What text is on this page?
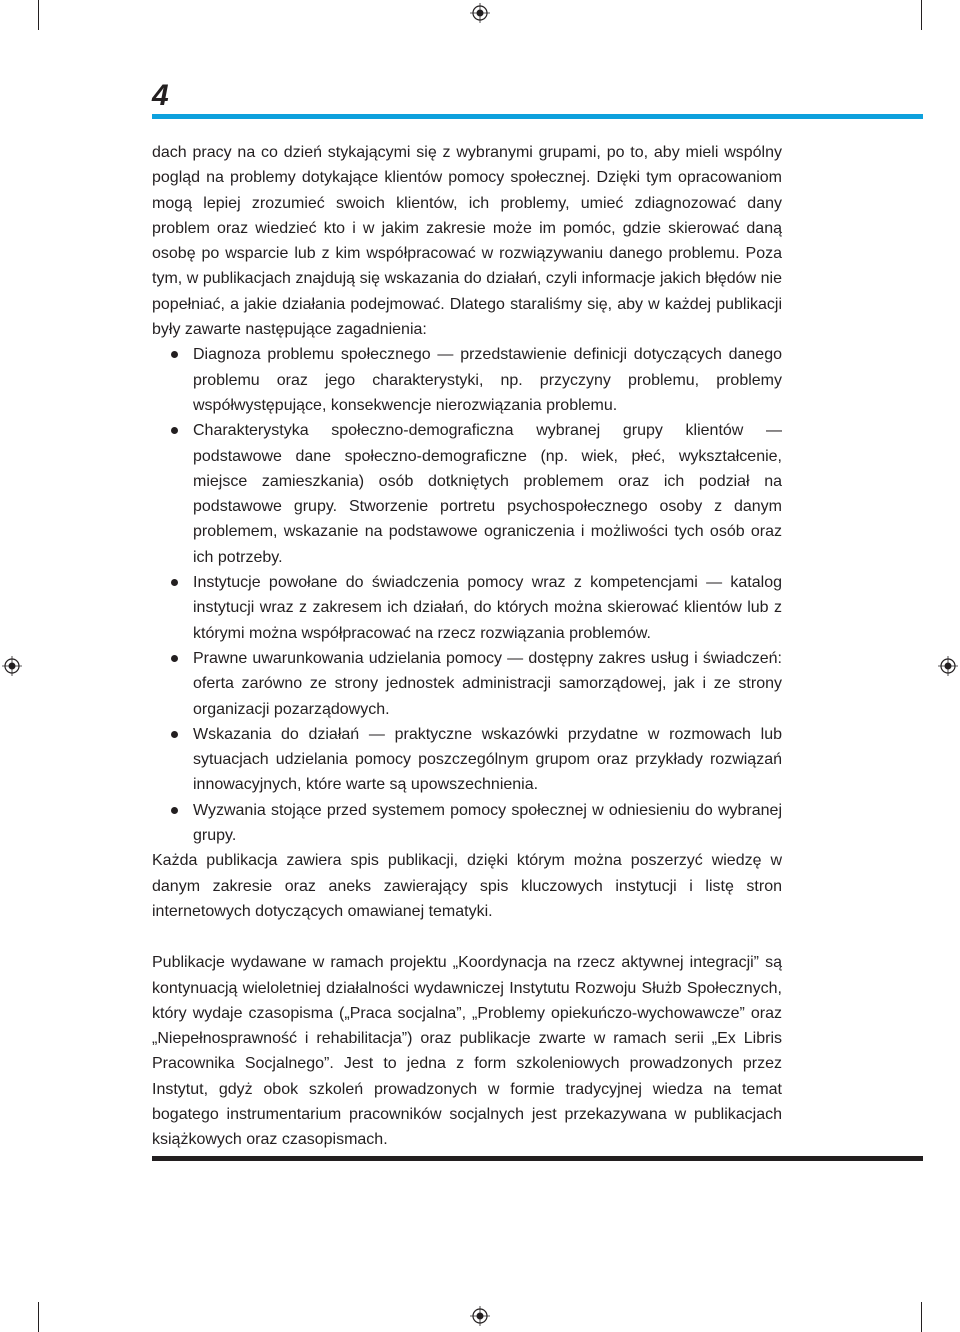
4

dach pracy na co dzień stykającymi się z wybranymi grupami, po to, aby mieli wspólny pogląd na problemy dotykające klientów pomocy społecznej. Dzięki tym opracowaniom mogą lepiej zrozumieć swoich klientów, ich problemy, umieć zdiagnozować dany problem oraz wiedzieć kto i w jakim zakresie może im pomóc, gdzie skierować daną osobę po wsparcie lub z kim współpracować w rozwiązywaniu danego problemu. Poza tym, w publikacjach znajdują się wskazania do działań, czyli informacje jakich błędów nie popełniać, a jakie działania podejmować. Dlatego staraliśmy się, aby w każdej publikacji były zawarte następujące zagadnienia:

Diagnoza problemu społecznego — przedstawienie definicji dotyczących danego problemu oraz jego charakterystyki, np. przyczyny problemu, problemy współwystępujące, konsekwencje nierozwiązania problemu.
Charakterystyka społeczno-demograficzna wybranej grupy klientów — podstawowe dane społeczno-demograficzne (np. wiek, płeć, wykształcenie, miejsce zamieszkania) osób dotkniętych problemem oraz ich podział na podstawowe grupy. Stworzenie portretu psychospołecznego osoby z danym problemem, wskazanie na podstawowe ograniczenia i możliwości tych osób oraz ich potrzeby.
Instytucje powołane do świadczenia pomocy wraz z kompetencjami — katalog instytucji wraz z zakresem ich działań, do których można skierować klientów lub z którymi można współpracować na rzecz rozwiązania problemów.
Prawne uwarunkowania udzielania pomocy — dostępny zakres usług i świadczeń: oferta zarówno ze strony jednostek administracji samorządowej, jak i ze strony organizacji pozarządowych.
Wskazania do działań — praktyczne wskazówki przydatne w rozmowach lub sytuacjach udzielania pomocy poszczególnym grupom oraz przykłady rozwiązań innowacyjnych, które warte są upowszechnienia.
Wyzwania stojące przed systemem pomocy społecznej w odniesieniu do wybranej grupy.

Każda publikacja zawiera spis publikacji, dzięki którym można poszerzyć wiedzę w danym zakresie oraz aneks zawierający spis kluczowych instytucji i listę stron internetowych dotyczących omawianej tematyki.

Publikacje wydawane w ramach projektu „Koordynacja na rzecz aktywnej integracji” są kontynuacją wieloletniej działalności wydawniczej Instytutu Rozwoju Służb Społecznych, który wydaje czasopisma („Praca socjalna”, „Problemy opiekuńczo-wychowawcze” oraz „Niepełnosprawność i rehabilitacja”) oraz publikacje zwarte w ramach serii „Ex Libris Pracownika Socjalnego”. Jest to jedna z form szkoleniowych prowadzonych przez Instytut, gdyż obok szkoleń prowadzonych w formie tradycyjnej wiedza na temat bogatego instrumentarium pracowników socjalnych jest przekazywana w publikacjach książkowych oraz czasopismach.
